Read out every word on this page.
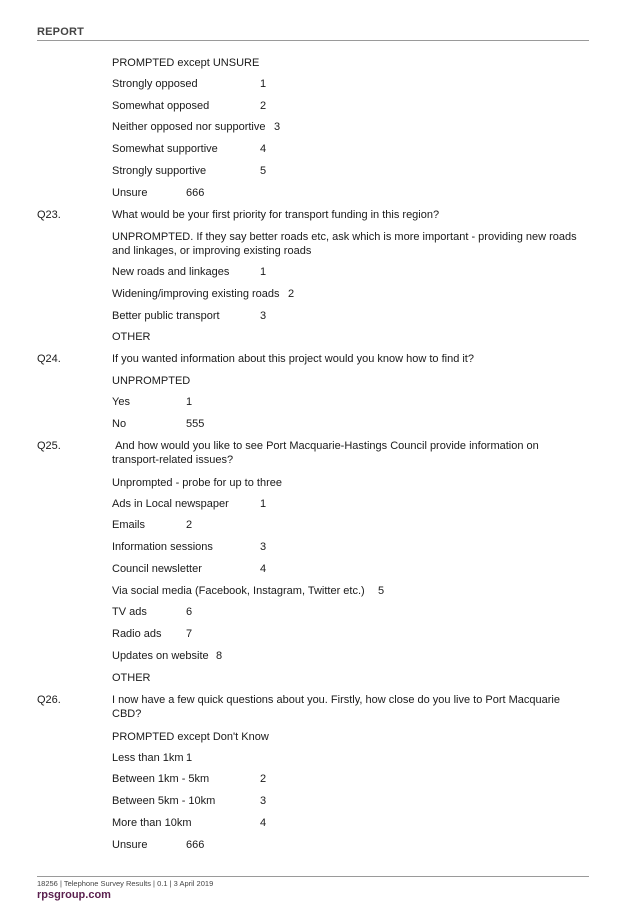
REPORT
PROMPTED except UNSURE
Strongly opposed	1
Somewhat opposed	2
Neither opposed nor supportive 3
Somewhat supportive	4
Strongly supportive	5
Unsure	666
Q23.	What would be your first priority for transport funding in this region?
UNPROMPTED. If they say better roads etc, ask which is more important - providing new roads and linkages, or improving existing roads
New roads and linkages	1
Widening/improving existing roads 2
Better public transport	3
OTHER
Q24.	If you wanted information about this project would you know how to find it?
UNPROMPTED
Yes	1
No	555
Q25.	And how would you like to see Port Macquarie-Hastings Council provide information on transport-related issues?
Unprompted - probe for up to three
Ads in Local newspaper	1
Emails	2
Information sessions	3
Council newsletter	4
Via social media (Facebook, Instagram, Twitter etc.) 5
TV ads	6
Radio ads 7
Updates on website 8
OTHER
Q26.	I now have a few quick questions about you. Firstly, how close do you live to Port Macquarie CBD?
PROMPTED except Don't Know
Less than 1km 1
Between 1km - 5km	2
Between 5km - 10km	3
More than 10km	4
Unsure	666
18256 | Telephone Survey Results | 0.1 | 3 April 2019
rpsgroup.com
